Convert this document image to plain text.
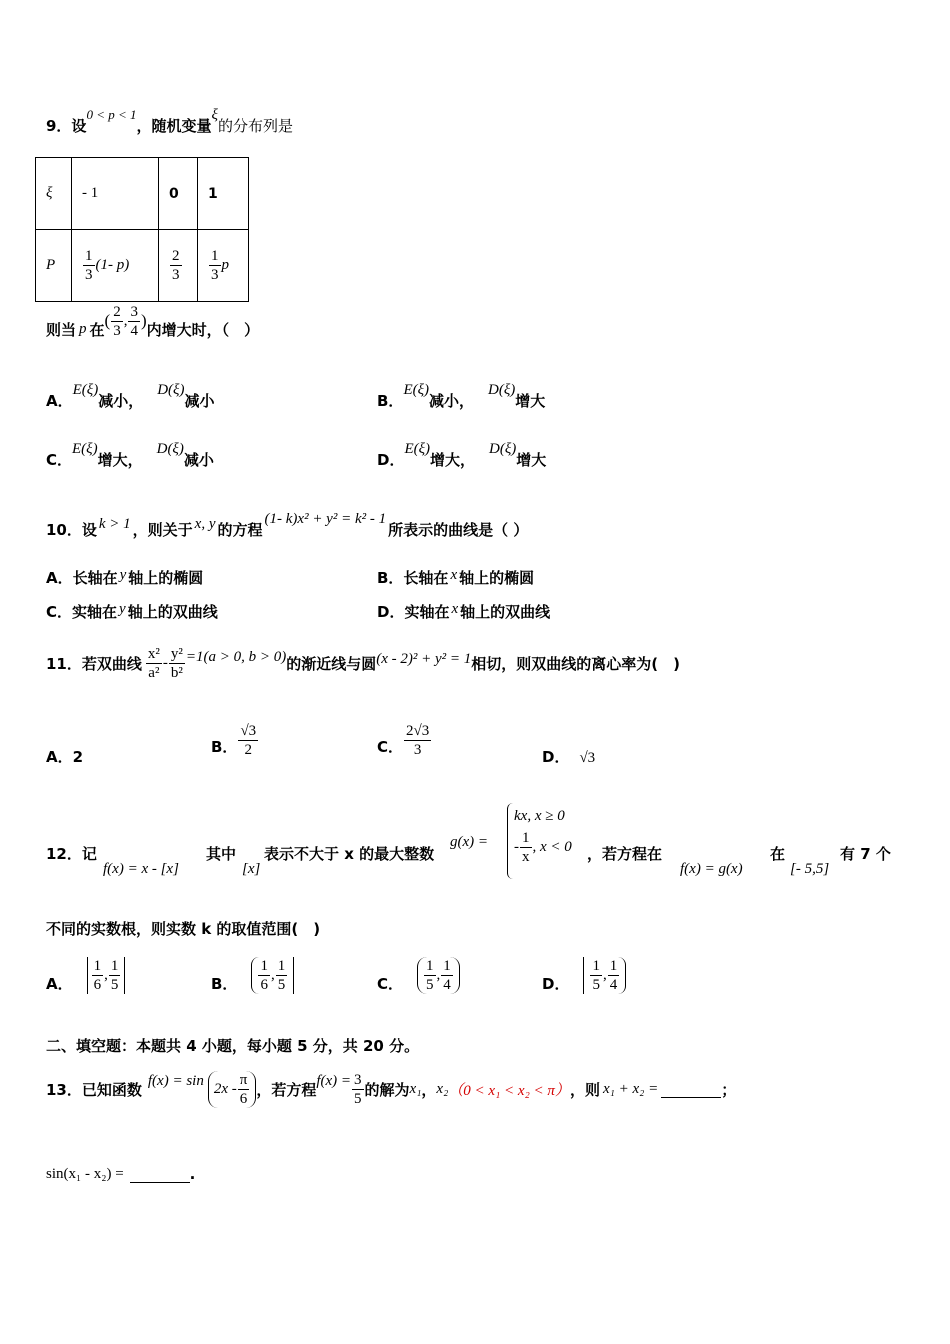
9．设
0 < p < 1
，随机变量
ξ
的分布列是
ξ	- 1	0	1
P	$\frac{1}{3} (1-$ p)	$\frac{2}{3}$	$\frac{1}{3}$ p
则当 p 在 ( $\frac{2}{3}$ , $\frac{3}{4}$ ) 内增大时，（　）
A．E(ξ)减小，D(ξ)减小	B．E(ξ)减小，D(ξ)增大
C．E(ξ)增大，D(ξ)减小	D．E(ξ)增大，D(ξ)增大
10．设 k > 1 ，则关于 x, y 的方程
(1- k)x² + y² = k² - 1
所表示的曲线是（ ）
A．长轴在 y 轴上的椭圆	B．长轴在 x 轴上的椭圆
C．实轴在 y 轴上的双曲线	D．实轴在 x 轴上的双曲线
11．若双曲线 $\frac{\text{x²}}{\text{a²}} - \frac{\text{y²}}{\text{b²}} =1(a > 0$, b > 0) 的渐近线与圆 (x - 2)² + y² = 1 相切，则双曲线的离心率为(　)
A．2
B． $\frac{√3}{2}$	C． $\frac{2√3}{3}$	D． √3
12．记
f(x) = x - [x]
其中
[x]
表示不大于 x 的最大整数
g(x) =
kx, x ≥ 0
- $\frac{1}{x}$ , x < 0 ，若方程在
f(x) = g(x)
在
[- 5,5]
有 7 个
不同的实数根，则实数 k 的取值范围(　)
A． $\frac{1}{6}$ , $\frac{1}{5}$	B． $\frac{1}{6}$ , $\frac{1}{5}$	C． $\frac{1}{5}$ , $\frac{1}{4}$	D． $\frac{1}{5}$ , $\frac{1}{4}$
二、填空题：本题共 4 小题，每小题 5 分，共 20 分。
13．已知函数 $f(x) = \sin 2x - \frac{\pi}{6}$ ，若方程 $f(x) = \frac{3}{5}$ 的解为 x₁ ， x₂ （0 < x₁ < x₂ < π） ，则 x₁ + x₂ =	；
sin(x₁ - x₂) =	.
